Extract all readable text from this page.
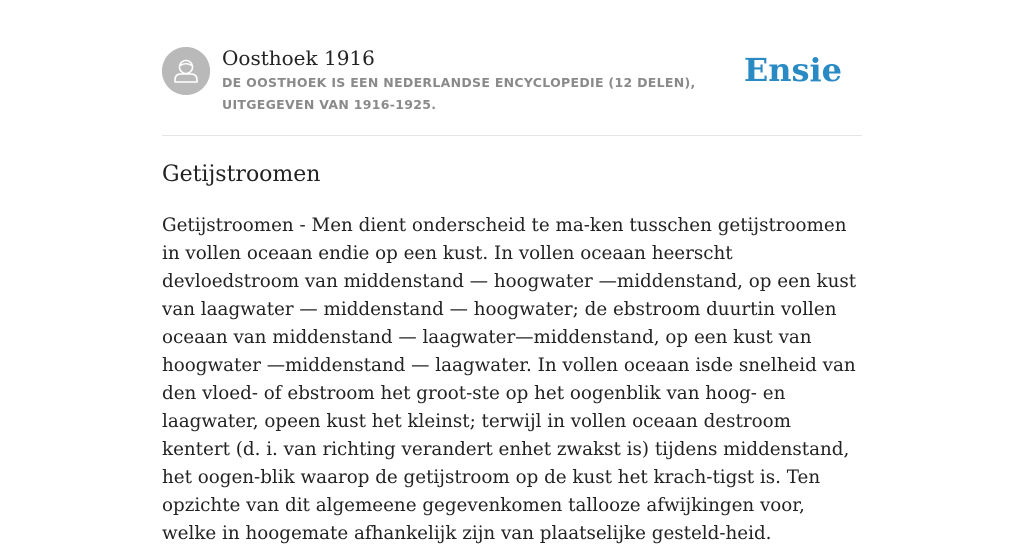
Oosthoek 1916

DE OOSTHOEK IS EEN NEDERLANDSE ENCYCLOPEDIE (12 DELEN), UITGEGEVEN VAN 1916-1925.

Ensie
Getijstroomen

Getijstroomen - Men dient onderscheid te ma-ken tusschen getijstroomen in vollen oceaan endie op een kust. In vollen oceaan heerscht devloedstroom van middenstand — hoogwater —middenstand, op een kust van laagwater — middenstand — hoogwater; de ebstroom duurtin vollen oceaan van middenstand — laagwater—middenstand, op een kust van hoogwater —middenstand — laagwater. In vollen oceaan isde snelheid van den vloed- of ebstroom het groot-ste op het oogenblik van hoog- en laagwater, opeen kust het kleinst; terwijl in vollen oceaan destroom kentert (d. i. van richting verandert enhet zwakst is) tijdens middenstand, het oogen-blik waarop de getijstroom op de kust het krach-tigst is. Ten opzichte van dit algemeene gegevenkomen tallooze afwijkingen voor, welke in hoogemate afhankelijk zijn van plaatselijke gesteld-heid.
